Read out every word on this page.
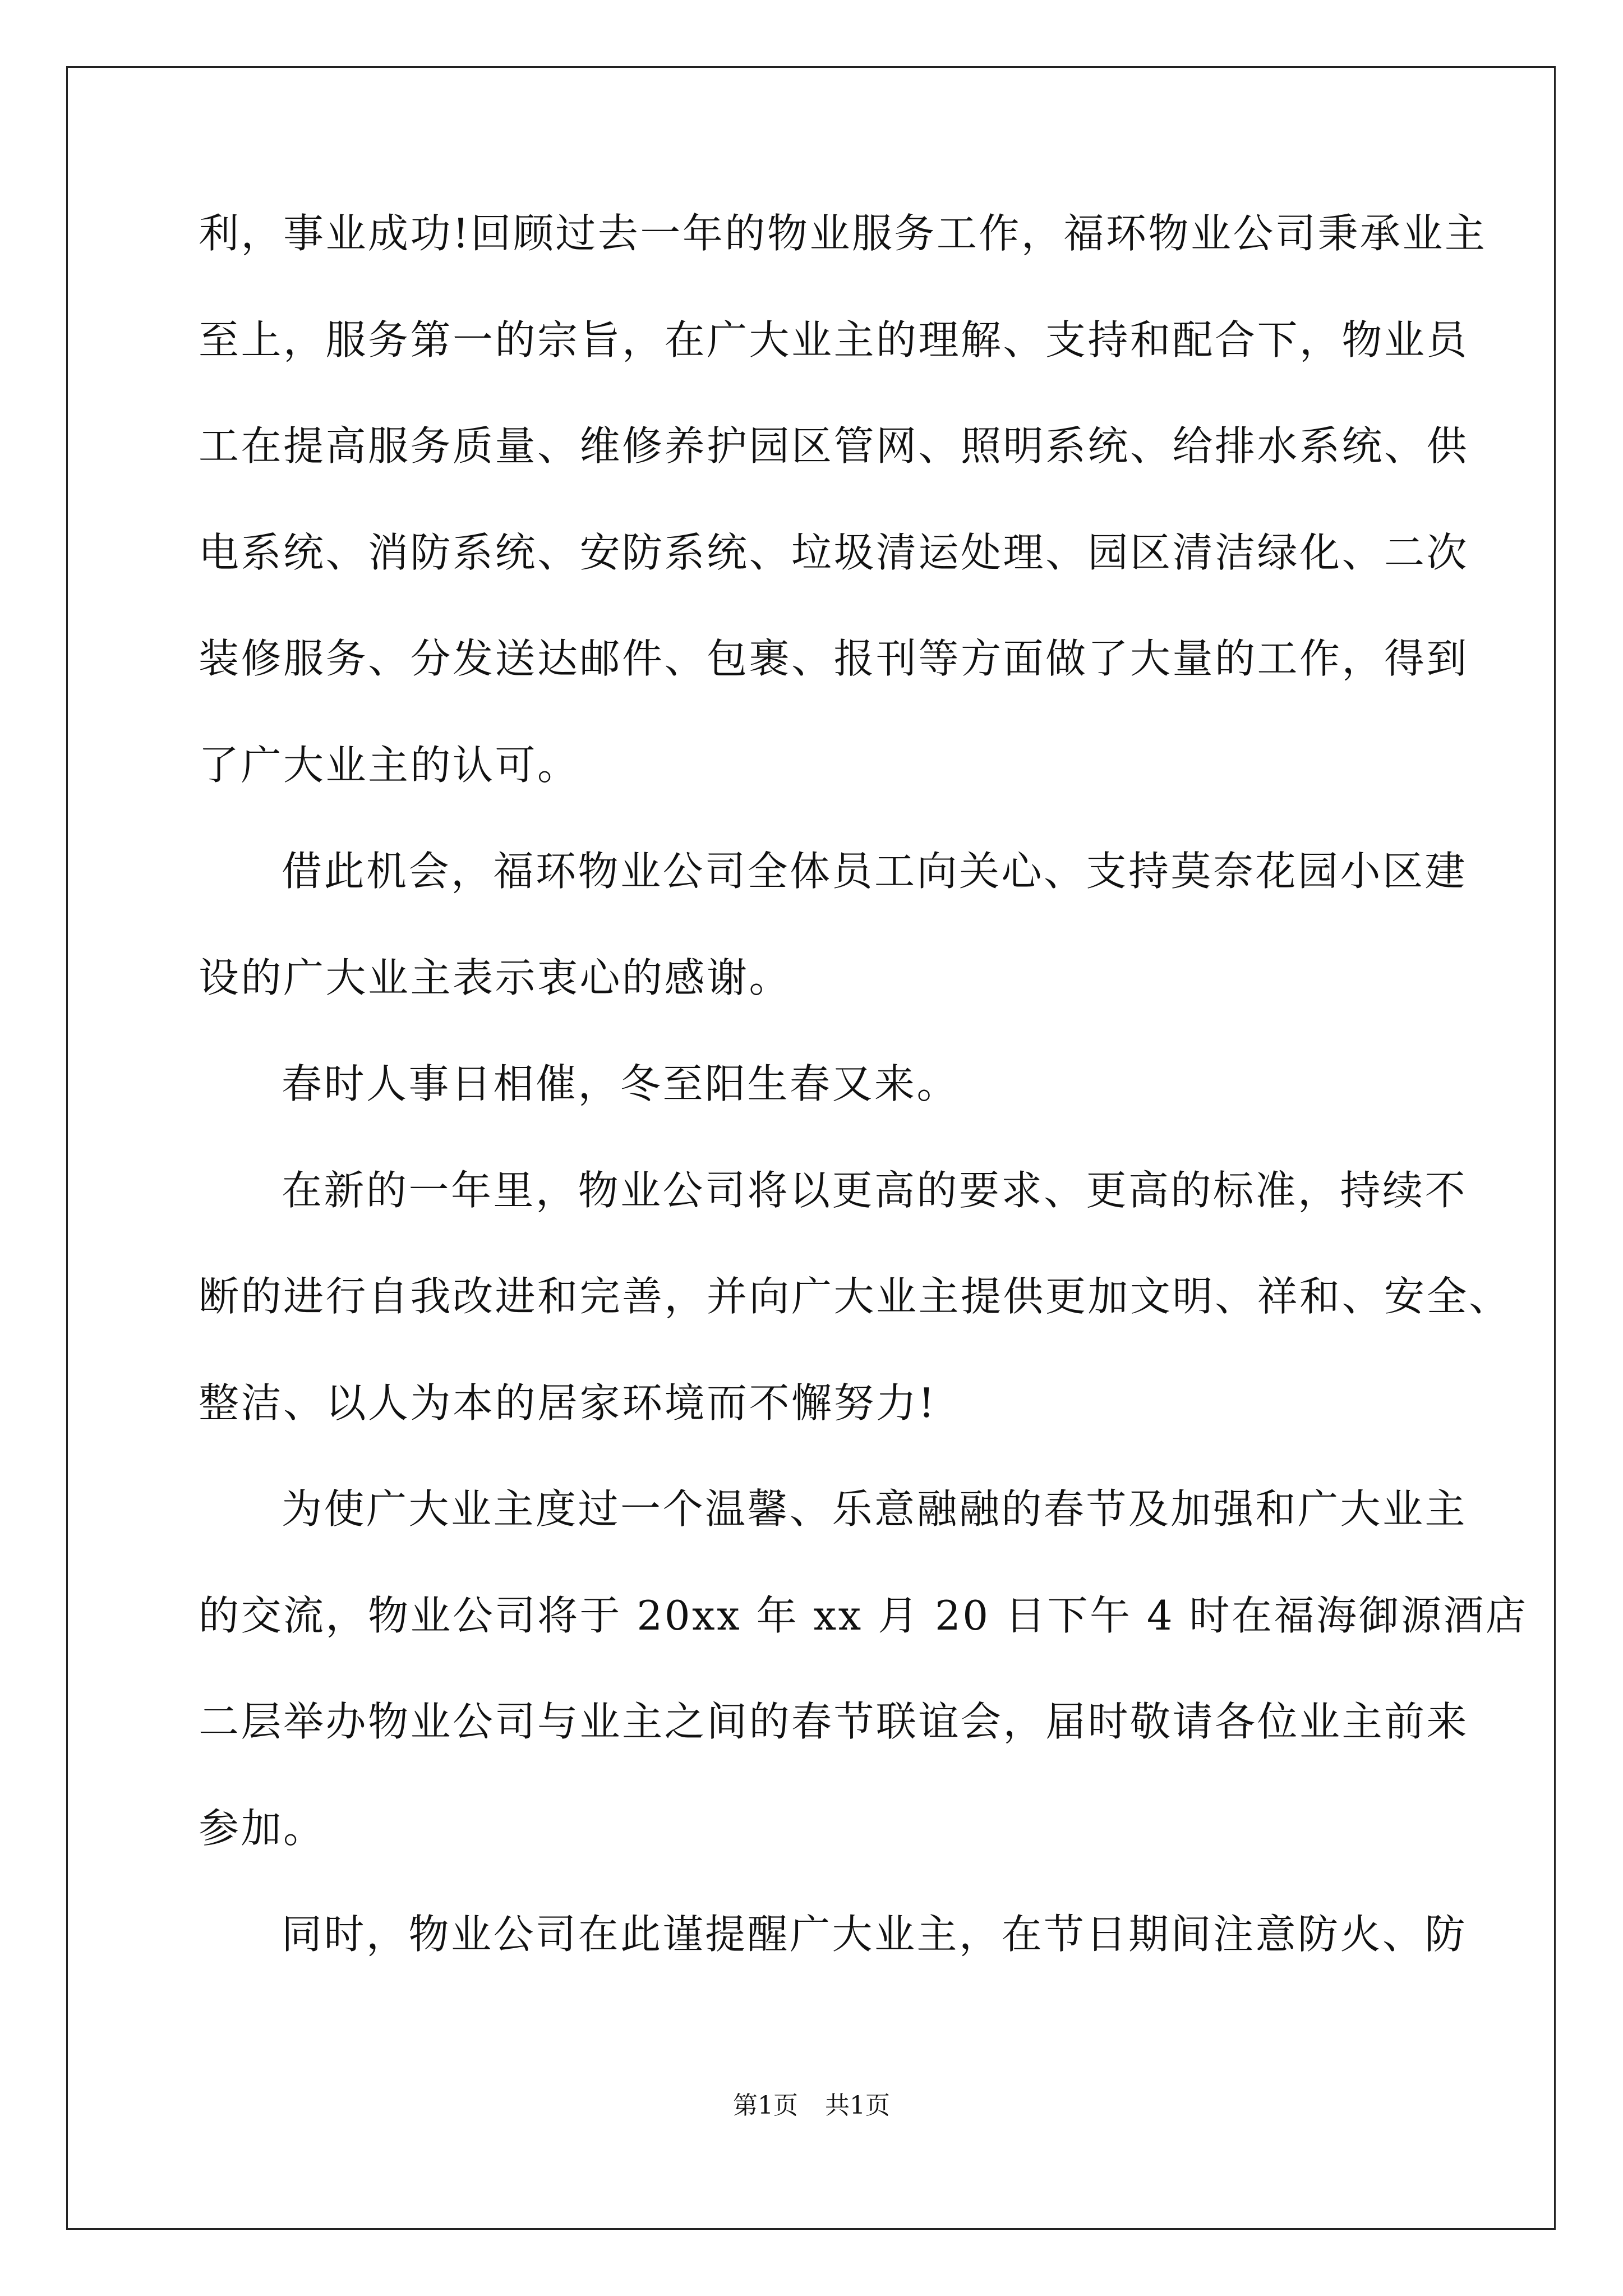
利，事业成功!回顾过去一年的物业服务工作，福环物业公司秉承业主
至上，服务第一的宗旨，在广大业主的理解、支持和配合下，物业员
工在提高服务质量、维修养护园区管网、照明系统、给排水系统、供
电系统、消防系统、安防系统、垃圾清运处理、园区清洁绿化、二次
装修服务、分发送达邮件、包裹、报刊等方面做了大量的工作，得到
了广大业主的认可。
借此机会，福环物业公司全体员工向关心、支持莫奈花园小区建
设的广大业主表示衷心的感谢。
春时人事日相催，冬至阳生春又来。
在新的一年里，物业公司将以更高的要求、更高的标准，持续不
断的进行自我改进和完善，并向广大业主提供更加文明、祥和、安全、
整洁、以人为本的居家环境而不懈努力!
为使广大业主度过一个温馨、乐意融融的春节及加强和广大业主
的交流，物业公司将于 20xx 年 xx 月 20 日下午 4 时在福海御源酒店
二层举办物业公司与业主之间的春节联谊会，届时敬请各位业主前来
参加。
同时，物业公司在此谨提醒广大业主，在节日期间注意防火、防
第1页 共1页
